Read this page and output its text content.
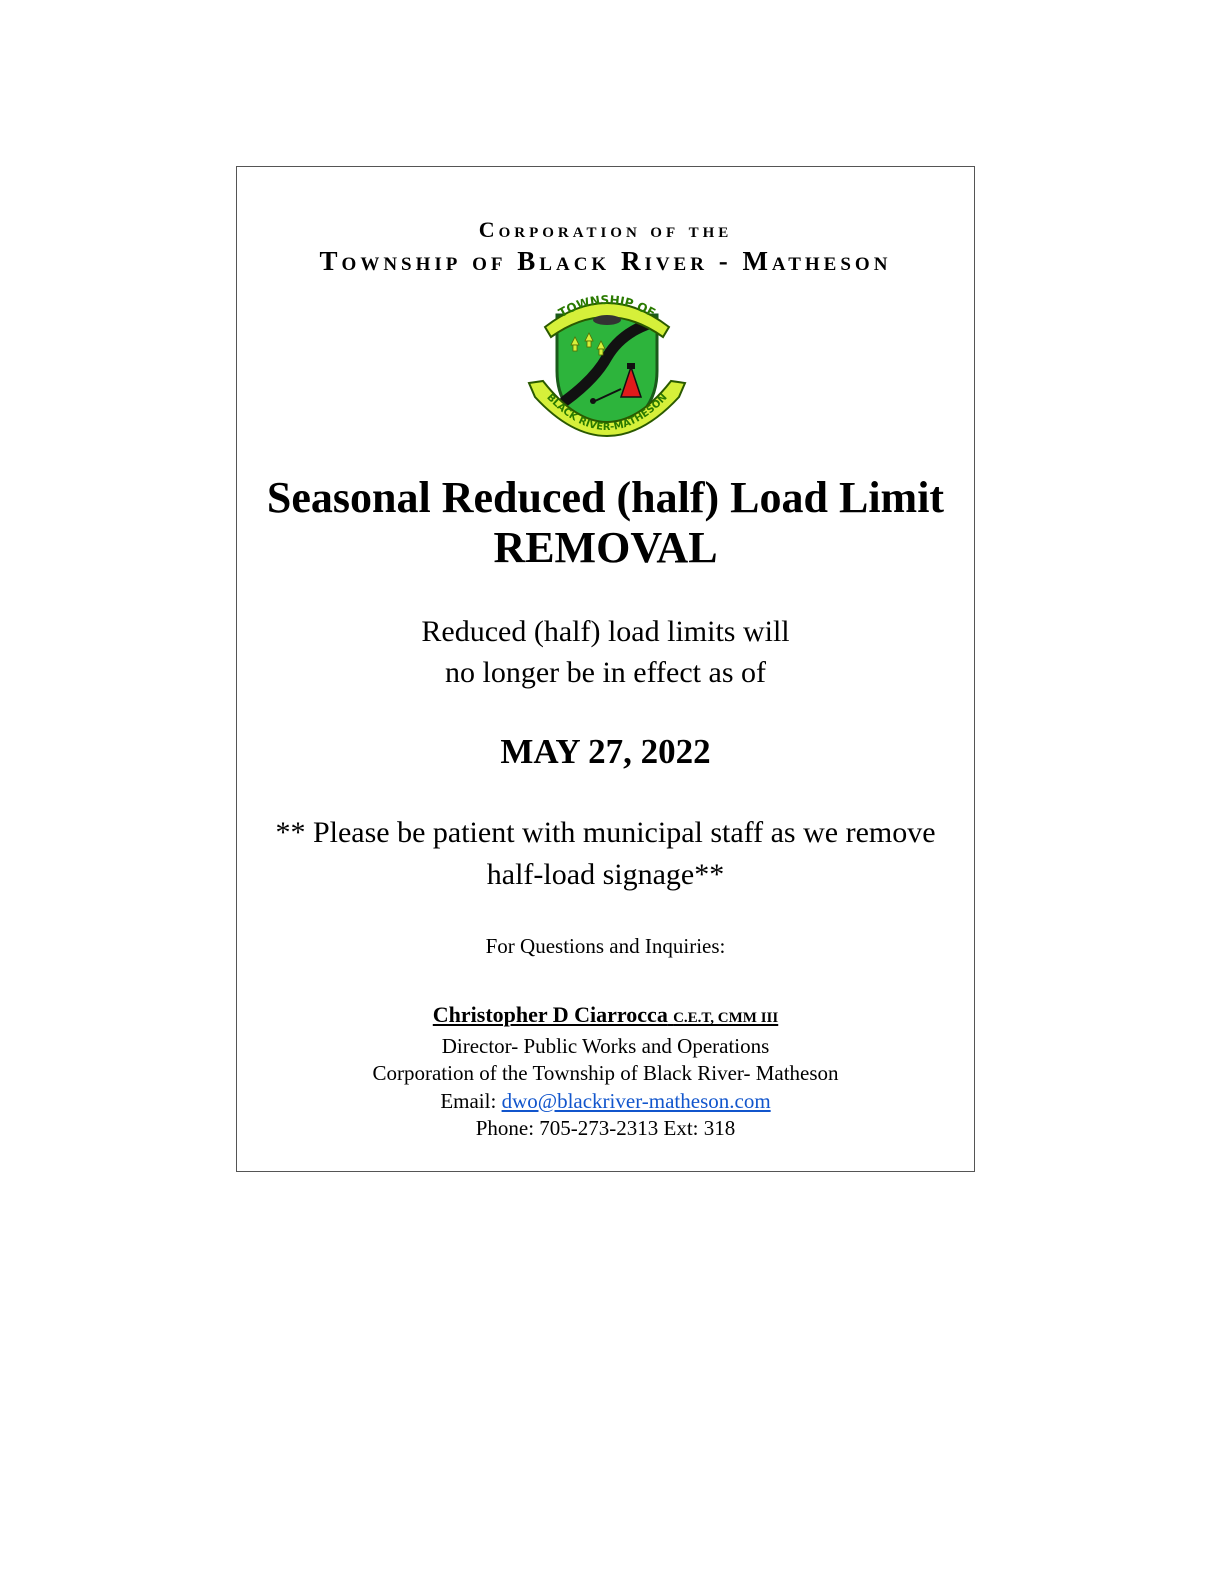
Corporation of the
Township of Black River - Matheson
TOWNSHIP OF
BLACK RIVER-MATHESON
Seasonal Reduced (half) Load Limit
REMOVAL
Reduced (half) load limits will
no longer be in effect as of
MAY 27, 2022
** Please be patient with municipal staff as we remove
half-load signage**
For Questions and Inquiries:
Christopher D Ciarrocca C.E.T, CMM III
Director- Public Works and Operations
Corporation of the Township of Black River- Matheson
Email: dwo@blackriver-matheson.com
Phone: 705-273-2313 Ext: 318
